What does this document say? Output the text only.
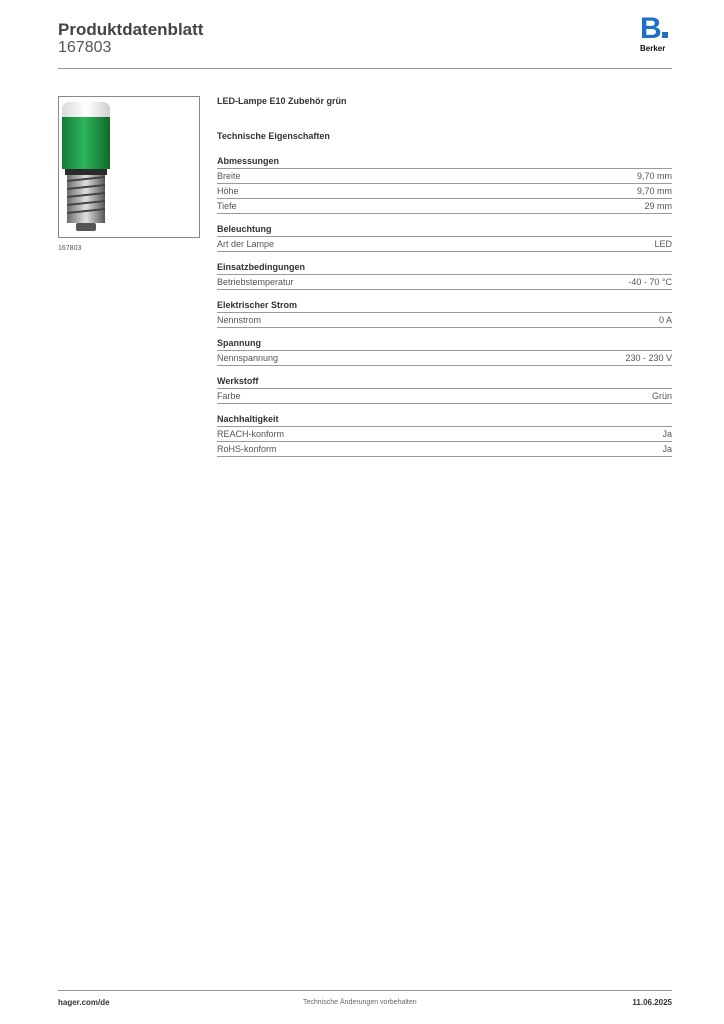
Produktdatenblatt
167803
B
Berker
167803
LED-Lampe E10 Zubehör grün
Technische Eigenschaften
Abmessungen
Breite	9,70 mm
Höhe	9,70 mm
Tiefe	29 mm
Beleuchtung
Art der Lampe	LED
Einsatzbedingungen
Betriebstemperatur	-40 - 70 °C
Elektrischer Strom
Nennstrom	0 A
Spannung
Nennspannung	230 - 230 V
Werkstoff
Farbe	Grün
Nachhaltigkeit
REACH-konform	Ja
RoHS-konform	Ja
hager.com/de	Technische Änderungen vorbehalten	11.06.2025
